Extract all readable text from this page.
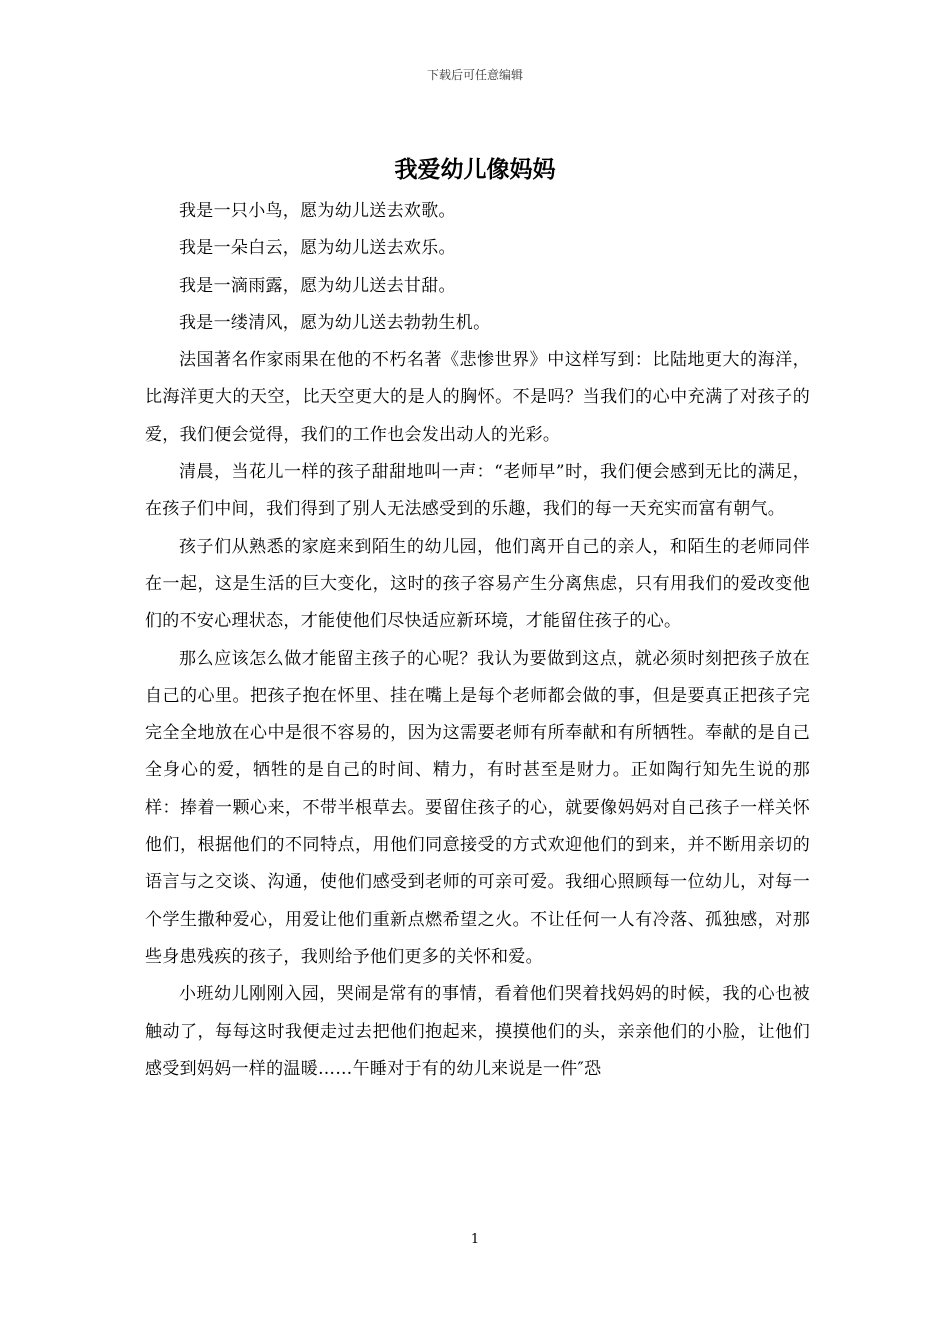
下载后可任意编辑
我爱幼儿像妈妈

我是一只小鸟，愿为幼儿送去欢歌。

我是一朵白云，愿为幼儿送去欢乐。

我是一滴雨露，愿为幼儿送去甘甜。

我是一缕清风，愿为幼儿送去勃勃生机。

法国著名作家雨果在他的不朽名著《悲惨世界》中这样写到：比陆地更大的海洋，比海洋更大的天空，比天空更大的是人的胸怀。不是吗？当我们的心中充满了对孩子的爱，我们便会觉得，我们的工作也会发出动人的光彩。

清晨，当花儿一样的孩子甜甜地叫一声：“老师早”时，我们便会感到无比的满足，在孩子们中间，我们得到了别人无法感受到的乐趣，我们的每一天充实而富有朝气。

孩子们从熟悉的家庭来到陌生的幼儿园，他们离开自己的亲人，和陌生的老师同伴在一起，这是生活的巨大变化，这时的孩子容易产生分离焦虑，只有用我们的爱改变他们的不安心理状态，才能使他们尽快适应新环境，才能留住孩子的心。

那么应该怎么做才能留主孩子的心呢？我认为要做到这点，就必须时刻把孩子放在自己的心里。把孩子抱在怀里、挂在嘴上是每个老师都会做的事，但是要真正把孩子完完全全地放在心中是很不容易的，因为这需要老师有所奉献和有所牺牲。奉献的是自己全身心的爱，牺牲的是自己的时间、精力，有时甚至是财力。正如陶行知先生说的那样：捧着一颗心来，不带半根草去。要留住孩子的心，就要像妈妈对自己孩子一样关怀他们，根据他们的不同特点，用他们同意接受的方式欢迎他们的到来，并不断用亲切的语言与之交谈、沟通，使他们感受到老师的可亲可爱。我细心照顾每一位幼儿，对每一个学生撒种爱心，用爱让他们重新点燃希望之火。不让任何一人有冷落、孤独感，对那些身患残疾的孩子，我则给予他们更多的关怀和爱。

小班幼儿刚刚入园，哭闹是常有的事情，看着他们哭着找妈妈的时候，我的心也被触动了，每每这时我便走过去把他们抱起来，摸摸他们的头，亲亲他们的小脸，让他们感受到妈妈一样的温暖……午睡对于有的幼儿来说是一件″恐

1
